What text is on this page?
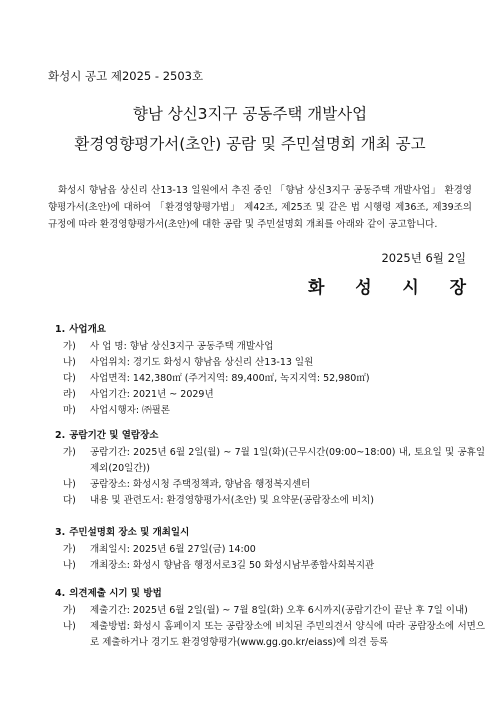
화성시 공고 제2025 - 2503호
향남 상신3지구 공동주택 개발사업
환경영향평가서(초안) 공람 및 주민설명회 개최 공고
화성시 향남읍 상신리 산13-13 일원에서 추진 중인 「향남 상신3지구 공동주택 개발사업」 환경영향평가서(초안)에 대하여 「환경영향평가법」 제42조, 제25조 및 같은 법 시행령 제36조, 제39조의 규정에 따라 환경영향평가서(초안)에 대한 공람 및 주민설명회 개최를 아래와 같이 공고합니다.
2025년 6월 2일
화 성 시 장
1. 사업개요
가)	사 업 명: 향남 상신3지구 공동주택 개발사업
나)	사업위치: 경기도 화성시 향남읍 상신리 산13-13 일원
다)	사업면적: 142,380㎡ (주거지역: 89,400㎡, 녹지지역: 52,980㎡)
라)	사업기간: 2021년 ~ 2029년
마)	사업시행자: ㈜필론
2. 공람기간 및 열람장소
가)	공람기간: 2025년 6월 2일(월) ~ 7월 1일(화)(근무시간(09:00~18:00) 내, 토요일 및 공휴일 제외(20일간))
나)	공람장소: 화성시청 주택정책과, 향남읍 행정복지센터
다)	내용 및 관련도서: 환경영향평가서(초안) 및 요약문(공람장소에 비치)
3. 주민설명회 장소 및 개최일시
가)	개최일시: 2025년 6월 27일(금) 14:00
나)	개최장소: 화성시 향남읍 행정서로3길 50 화성시남부종합사회복지관
4. 의견제출 시기 및 방법
가)	제출기간: 2025년 6월 2일(월) ~ 7월 8일(화) 오후 6시까지(공람기간이 끝난 후 7일 이내)
나)	제출방법: 화성시 홈페이지 또는 공람장소에 비치된 주민의견서 양식에 따라 공람장소에 서면으로 제출하거나 경기도 환경영향평가(www.gg.go.kr/eiass)에 의견 등록
